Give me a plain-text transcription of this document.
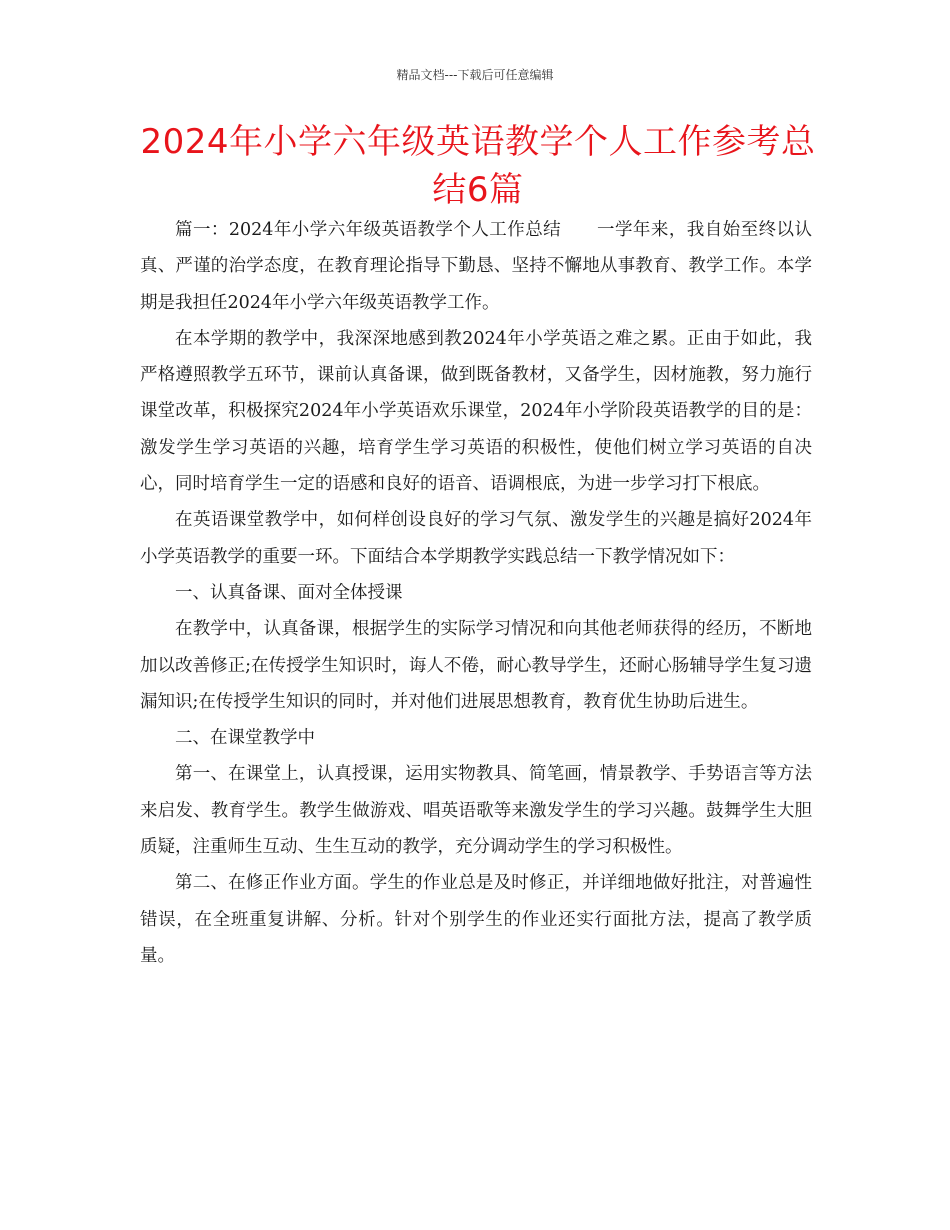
精品文档---下载后可任意编辑
2024年小学六年级英语教学个人工作参考总结6篇

篇一：2024年小学六年级英语教学个人工作总结　　一学年来，我自始至终以认真、严谨的治学态度，在教育理论指导下勤恳、坚持不懈地从事教育、教学工作。本学期是我担任2024年小学六年级英语教学工作。

在本学期的教学中，我深深地感到教2024年小学英语之难之累。正由于如此，我严格遵照教学五环节，课前认真备课，做到既备教材，又备学生，因材施教，努力施行课堂改革，积极探究2024年小学英语欢乐课堂，2024年小学阶段英语教学的目的是：激发学生学习英语的兴趣，培育学生学习英语的积极性，使他们树立学习英语的自决心，同时培育学生一定的语感和良好的语音、语调根底，为进一步学习打下根底。

在英语课堂教学中，如何样创设良好的学习气氛、激发学生的兴趣是搞好2024年小学英语教学的重要一环。下面结合本学期教学实践总结一下教学情况如下：

一、认真备课、面对全体授课

在教学中，认真备课，根据学生的实际学习情况和向其他老师获得的经历，不断地加以改善修正;在传授学生知识时，诲人不倦，耐心教导学生，还耐心肠辅导学生复习遗漏知识;在传授学生知识的同时，并对他们进展思想教育，教育优生协助后进生。

二、在课堂教学中

第一、在课堂上，认真授课，运用实物教具、简笔画，情景教学、手势语言等方法来启发、教育学生。教学生做游戏、唱英语歌等来激发学生的学习兴趣。鼓舞学生大胆质疑，注重师生互动、生生互动的教学，充分调动学生的学习积极性。

第二、在修正作业方面。学生的作业总是及时修正，并详细地做好批注，对普遍性错误，在全班重复讲解、分析。针对个别学生的作业还实行面批方法，提高了教学质量。
